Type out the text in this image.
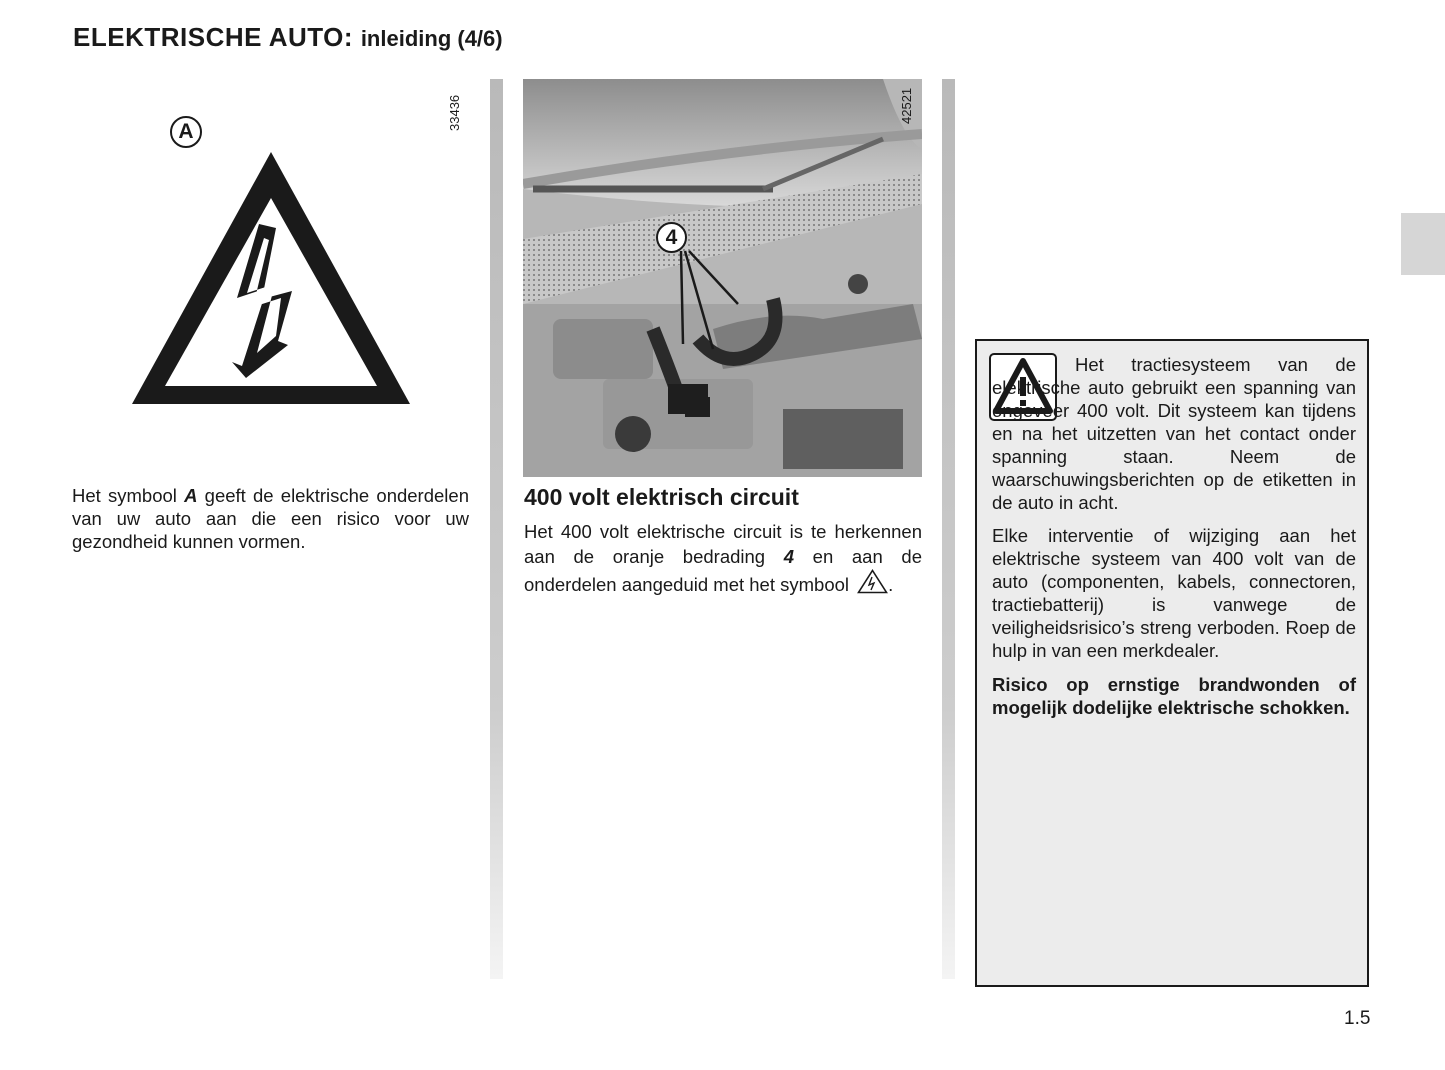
ELEKTRISCHE AUTO: inleiding (4/6)
33436
A

Het symbool A geeft de elektrische onderdelen van uw auto aan die een risico voor uw gezondheid kunnen vormen.

42521
4
400 volt elektrisch circuit

Het 400 volt elektrische circuit is te herkennen aan de oranje bedrading 4 en aan de onderdelen aangeduid met het symbool .

Het tractiesysteem van de elektrische auto gebruikt een spanning van ongeveer 400 volt. Dit systeem kan tijdens en na het uitzetten van het contact onder spanning staan. Neem de waarschuwingsberichten op de etiketten in de auto in acht.

Elke interventie of wijziging aan het elektrische systeem van 400 volt van de auto (componenten, kabels, connectoren, tractiebatterij) is vanwege de veiligheidsrisico’s streng verboden. Roep de hulp in van een merkdealer.

Risico op ernstige brandwonden of mogelijk dodelijke elektrische schokken.

1.5
